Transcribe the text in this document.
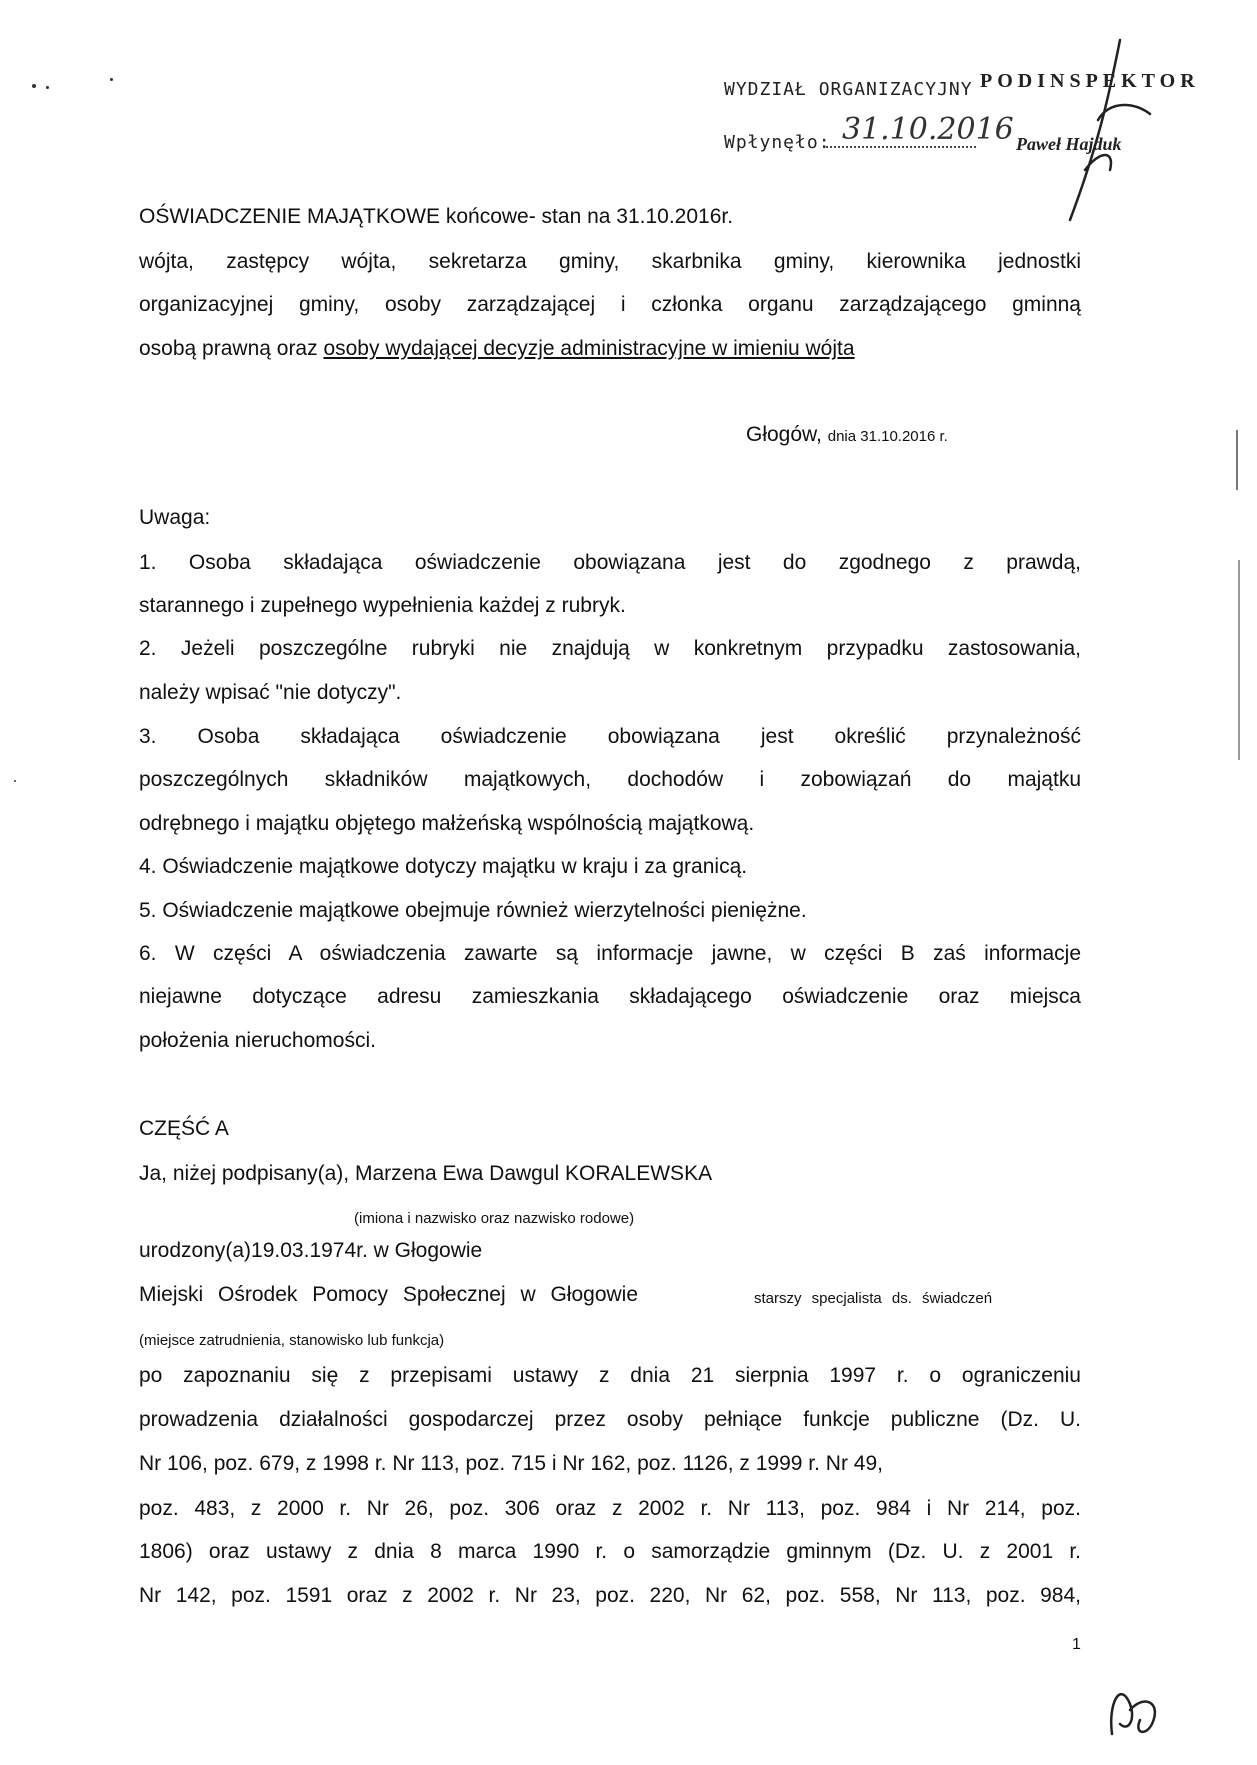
WYDZIAŁ ORGANIZACYJNY PODINSPEKTOR
Wpłynęło: 31.10.2016 Paweł Hajduk
OŚWIADCZENIE MAJĄTKOWE końcowe- stan na 31.10.2016r.
wójta, zastępcy wójta, sekretarza gminy, skarbnika gminy, kierownika jednostki
organizacyjnej gminy, osoby zarządzającej i członka organu zarządzającego gminną
osobą prawną oraz osoby wydającej decyzje administracyjne w imieniu wójta
Głogów, dnia 31.10.2016 r.
Uwaga:
1. Osoba składająca oświadczenie obowiązana jest do zgodnego z prawdą,
starannego i zupełnego wypełnienia każdej z rubryk.
2. Jeżeli poszczególne rubryki nie znajdują w konkretnym przypadku zastosowania,
należy wpisać "nie dotyczy".
3. Osoba składająca oświadczenie obowiązana jest określić przynależność
poszczególnych składników majątkowych, dochodów i zobowiązań do majątku
odrębnego i majątku objętego małżeńską wspólnością majątkową.
4. Oświadczenie majątkowe dotyczy majątku w kraju i za granicą.
5. Oświadczenie majątkowe obejmuje również wierzytelności pieniężne.
6. W części A oświadczenia zawarte są informacje jawne, w części B zaś informacje
niejawne dotyczące adresu zamieszkania składającego oświadczenie oraz miejsca
położenia nieruchomości.
CZĘŚĆ A
Ja, niżej podpisany(a), Marzena Ewa Dawgul KORALEWSKA
(imiona i nazwisko oraz nazwisko rodowe)
urodzony(a)19.03.1974r. w Głogowie
Miejski Ośrodek Pomocy Społecznej w Głogowie	starszy specjalista ds. świadczeń
(miejsce zatrudnienia, stanowisko lub funkcja)
po zapoznaniu się z przepisami ustawy z dnia 21 sierpnia 1997 r. o ograniczeniu
prowadzenia działalności gospodarczej przez osoby pełniące funkcje publiczne (Dz. U.
Nr 106, poz. 679, z 1998 r. Nr 113, poz. 715 i Nr 162, poz. 1126, z 1999 r. Nr 49,
poz. 483, z 2000 r. Nr 26, poz. 306 oraz z 2002 r. Nr 113, poz. 984 i Nr 214, poz.
1806) oraz ustawy z dnia 8 marca 1990 r. o samorządzie gminnym (Dz. U. z 2001 r.
Nr 142, poz. 1591 oraz z 2002 r. Nr 23, poz. 220, Nr 62, poz. 558, Nr 113, poz. 984,
1
